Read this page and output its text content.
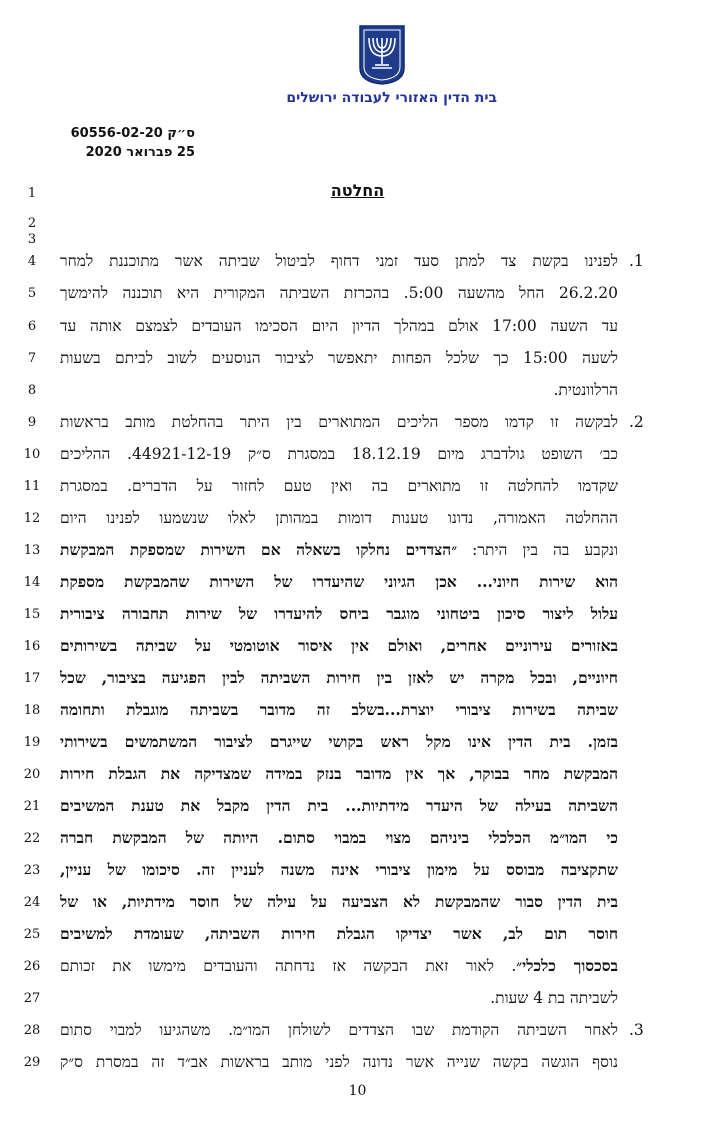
בית הדין האזורי לעבודה ירושלים
ס״ק 60556-02-20
25 פברואר 2020
החלטה
1
2
3
4
5
6
7
8
9
10
11
12
13
14
15
16
17
18
19
20
21
22
23
24
25
26
27
28
29
.1
לפנינו בקשת צד למתן סעד זמני דחוף לביטול שביתה אשר מתוכננת למחר
26.2.20 החל מהשעה 5:00. בהכרזת השביתה המקורית היא תוכננה להימשך
עד השעה 17:00 אולם במהלך הדיון היום הסכימו העובדים לצמצם אותה עד
לשעה 15:00 כך שלכל הפחות יתאפשר לציבור הנוסעים לשוב לביתם בשעות
הרלוונטית.
.2
לבקשה זו קדמו מספר הליכים המתוארים בין היתר בהחלטת מותב בראשות
כב׳ השופט גולדברג מיום 18.12.19 במסגרת ס״ק 44921-12-19. ההליכים
שקדמו להחלטה זו מתוארים בה ואין טעם לחזור על הדברים. במסגרת
ההחלטה האמורה, נדונו טענות דומות במהותן לאלו שנשמעו לפנינו היום
ונקבע בה בין היתר: ״הצדדים נחלקו בשאלה אם השירות שמספקת המבקשת
הוא שירות חיוני... אכן הגיוני שהיעדרו של השירות שהמבקשת מספקת
עלול ליצור סיכון ביטחוני מוגבר ביחס להיעדרו של שירות תחבורה ציבורית
באזורים עירוניים אחרים, ואולם אין איסור אוטומטי על שביתה בשירותים
חיוניים, ובכל מקרה יש לאזן בין חירות השביתה לבין הפגיעה בציבור, שכל
שביתה בשירות ציבורי יוצרת...בשלב זה מדובר בשביתה מוגבלת ותחומה
בזמן. בית הדין אינו מקל ראש בקושי שייגרם לציבור המשתמשים בשירותי
המבקשת מחר בבוקר, אך אין מדובר בנזק במידה שמצדיקה את הגבלת חירות
השביתה בעילה של היעדר מידתיות... בית הדין מקבל את טענת המשיבים
כי המו״מ הכלכלי ביניהם מצוי במבוי סתום. היותה של המבקשת חברה
שתקציבה מבוסס על מימון ציבורי אינה משנה לעניין זה. סיכומו של עניין,
בית הדין סבור שהמבקשת לא הצביעה על עילה של חוסר מידתיות, או של
חוסר תום לב, אשר יצדיקו הגבלת חירות השביתה, שעומדת למשיבים
בסכסוך כלכלי״. לאור זאת הבקשה אז נדחתה והעובדים מימשו את זכותם
לשביתה בת 4 שעות.
.3
לאחר השביתה הקודמת שבו הצדדים לשולחן המו״מ. משהגיעו למבוי סתום
נוסף הוגשה בקשה שנייה אשר נדונה לפני מותב בראשות אב״ד זה במסרת ס״ק
10
